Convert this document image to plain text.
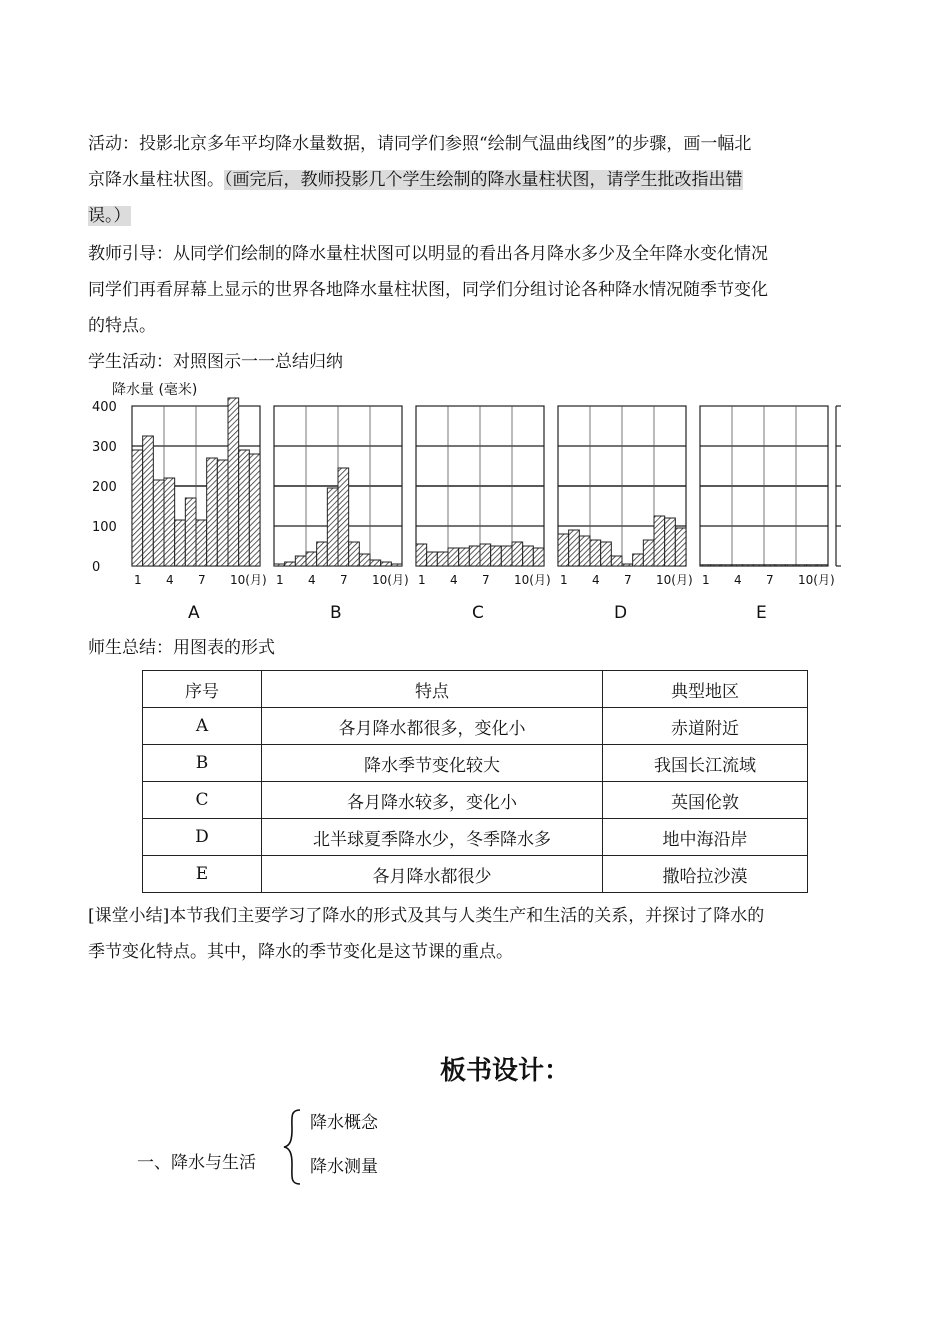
活动：投影北京多年平均降水量数据，请同学们参照“绘制气温曲线图”的步骤，画一幅北
京降水量柱状图。（画完后，教师投影几个学生绘制的降水量柱状图，请学生批改指出错
误。）
教师引导：从同学们绘制的降水量柱状图可以明显的看出各月降水多少及全年降水变化情况
同学们再看屏幕上显示的世界各地降水量柱状图，同学们分组讨论各种降水情况随季节变化
的特点。
学生活动：对照图示一一总结归纳
降水量 (毫米)
400
300
200
100
0
1 4 7 10(月)
A
1 4 7 10(月)
B
1 4 7 10(月)
C
1 4 7 10(月)
D
1 4 7 10(月)
E
师生总结：用图表的形式
序号	特点	典型地区
A	各月降水都很多，变化小	赤道附近
B	降水季节变化较大	我国长江流域
C	各月降水较多，变化小	英国伦敦
D	北半球夏季降水少，冬季降水多	地中海沿岸
E	各月降水都很少	撒哈拉沙漠
[课堂小结]本节我们主要学习了降水的形式及其与人类生产和生活的关系，并探讨了降水的
季节变化特点。其中，降水的季节变化是这节课的重点。
板书设计：
一、降水与生活
降水概念
降水测量
